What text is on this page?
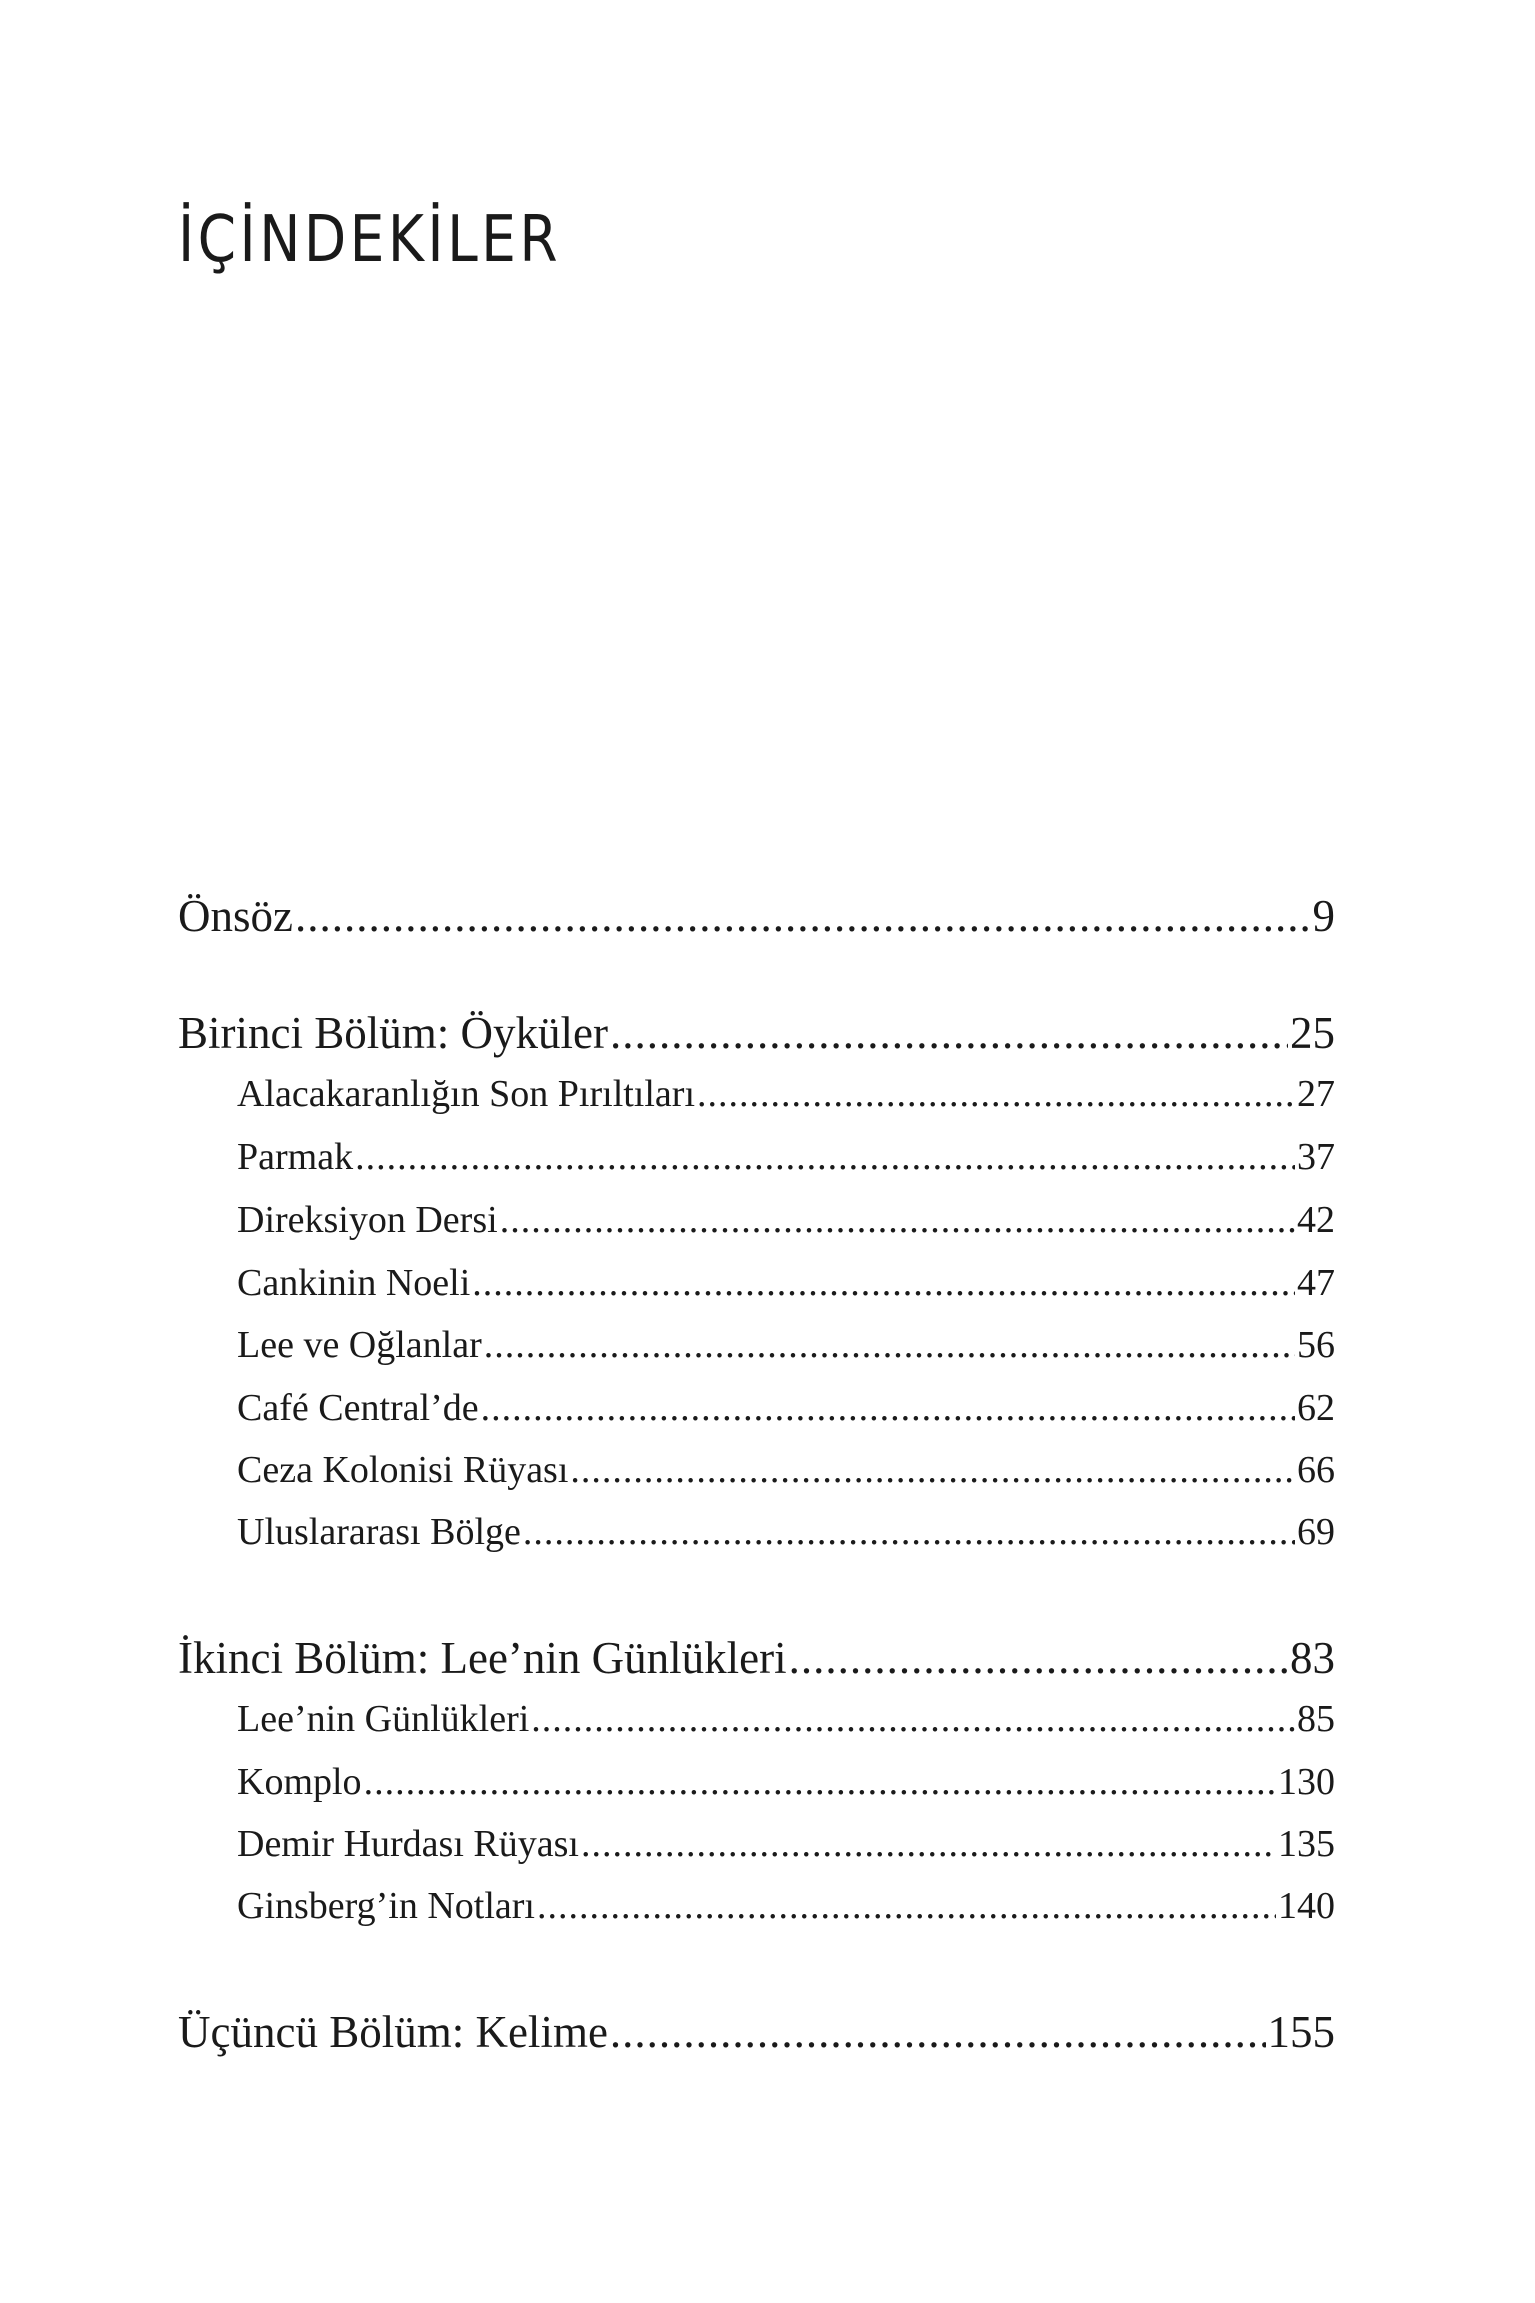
İÇİNDEKİLER
Önsöz .....	9
Birinci Bölüm: Öyküler .....	25
Alacakaranlığın Son Pırıltıları .....	27
Parmak .....	37
Direksiyon Dersi .....	42
Cankinin Noeli .....	47
Lee ve Oğlanlar .....	56
Café Central’de .....	62
Ceza Kolonisi Rüyası .....	66
Uluslararası Bölge .....	69
İkinci Bölüm: Lee’nin Günlükleri .....	83
Lee’nin Günlükleri .....	85
Komplo .....	130
Demir Hurdası Rüyası .....	135
Ginsberg’in Notları .....	140
Üçüncü Bölüm: Kelime .....	155
